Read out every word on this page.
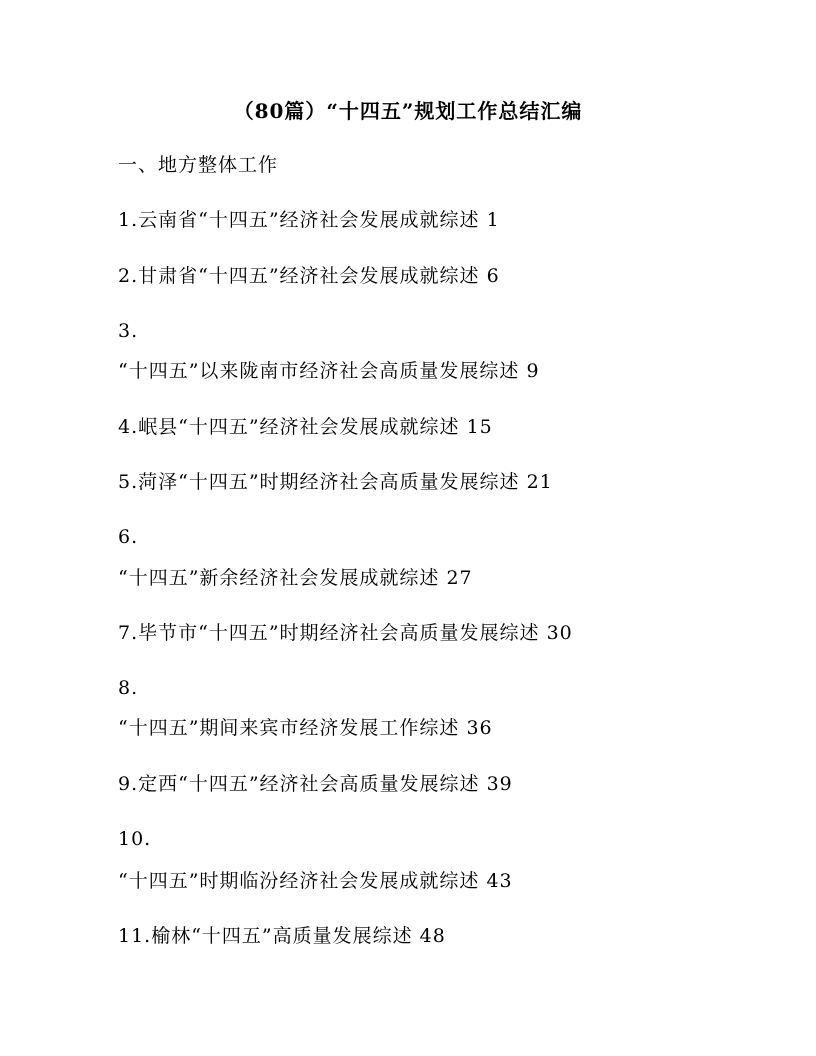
（80篇）“十四五”规划工作总结汇编
一、地方整体工作
1.云南省“十四五”经济社会发展成就综述 1
2.甘肃省“十四五”经济社会发展成就综述 6
3.
“十四五”以来陇南市经济社会高质量发展综述 9
4.岷县“十四五”经济社会发展成就综述 15
5.菏泽“十四五”时期经济社会高质量发展综述 21
6.
“十四五”新余经济社会发展成就综述 27
7.毕节市“十四五”时期经济社会高质量发展综述 30
8.
“十四五”期间来宾市经济发展工作综述 36
9.定西“十四五”经济社会高质量发展综述 39
10.
“十四五”时期临汾经济社会发展成就综述 43
11.榆林“十四五”高质量发展综述 48
